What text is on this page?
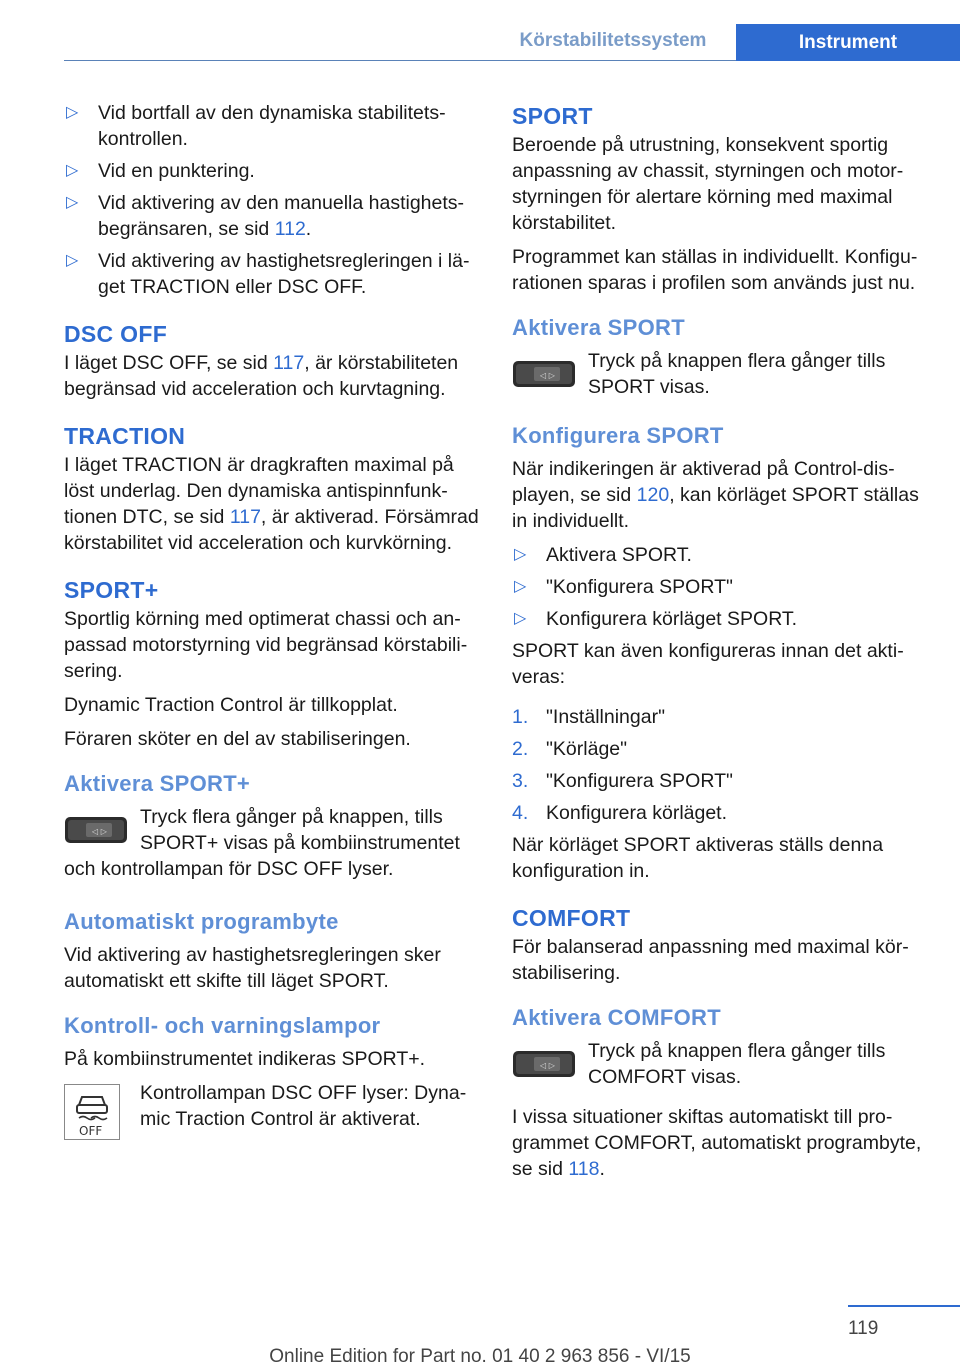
Körstabilitetssystem	Instrument
▷ Vid bortfall av den dynamiska stabilitetskontrollen.
▷ Vid en punktering.
▷ Vid aktivering av den manuella hastighetsbegränsaren, se sid 112.
▷ Vid aktivering av hastighetsregleringen i läget TRACTION eller DSC OFF.
DSC OFF
I läget DSC OFF, se sid 117, är körstabiliteten begränsad vid acceleration och kurvtagning.
TRACTION
I läget TRACTION är dragkraften maximal på löst underlag. Den dynamiska antispinnfunktionen DTC, se sid 117, är aktiverad. Försämrad körstabilitet vid acceleration och kurvkörning.
SPORT+
Sportlig körning med optimerat chassi och anpassad motorstyrning vid begränsad körstabilisering.
Dynamic Traction Control är tillkopplat.
Föraren sköter en del av stabiliseringen.
Aktivera SPORT+
◁ ▷
Tryck flera gånger på knappen, tills
SPORT+ visas på kombiinstrumentet
och kontrollampan för DSC OFF lyser.
Automatiskt programbyte
Vid aktivering av hastighetsregleringen sker automatiskt ett skifte till läget SPORT.
Kontroll- och varningslampor
På kombiinstrumentet indikeras SPORT+.
OFF
Kontrollampan DSC OFF lyser: Dynamic Traction Control är aktiverat.
SPORT
Beroende på utrustning, konsekvent sportig anpassning av chassit, styrningen och motorstyrningen för alertare körning med maximal körstabilitet.
Programmet kan ställas in individuellt. Konfigurationen sparas i profilen som används just nu.
Aktivera SPORT
◁ ▷
Tryck på knappen flera gånger tills SPORT visas.
Konfigurera SPORT
När indikeringen är aktiverad på Control-displayen, se sid 120, kan körläget SPORT ställas in individuellt.
▷ Aktivera SPORT.
▷ "Konfigurera SPORT"
▷ Konfigurera körläget SPORT.
SPORT kan även konfigureras innan det aktiveras:
1. "Inställningar"
2. "Körläge"
3. "Konfigurera SPORT"
4. Konfigurera körläget.
När körläget SPORT aktiveras ställs denna konfiguration in.
COMFORT
För balanserad anpassning med maximal körstabilisering.
Aktivera COMFORT
◁ ▷
Tryck på knappen flera gånger tills COMFORT visas.
I vissa situationer skiftas automatiskt till programmet COMFORT, automatiskt programbyte, se sid 118.
119
Online Edition for Part no. 01 40 2 963 856 - VI/15
